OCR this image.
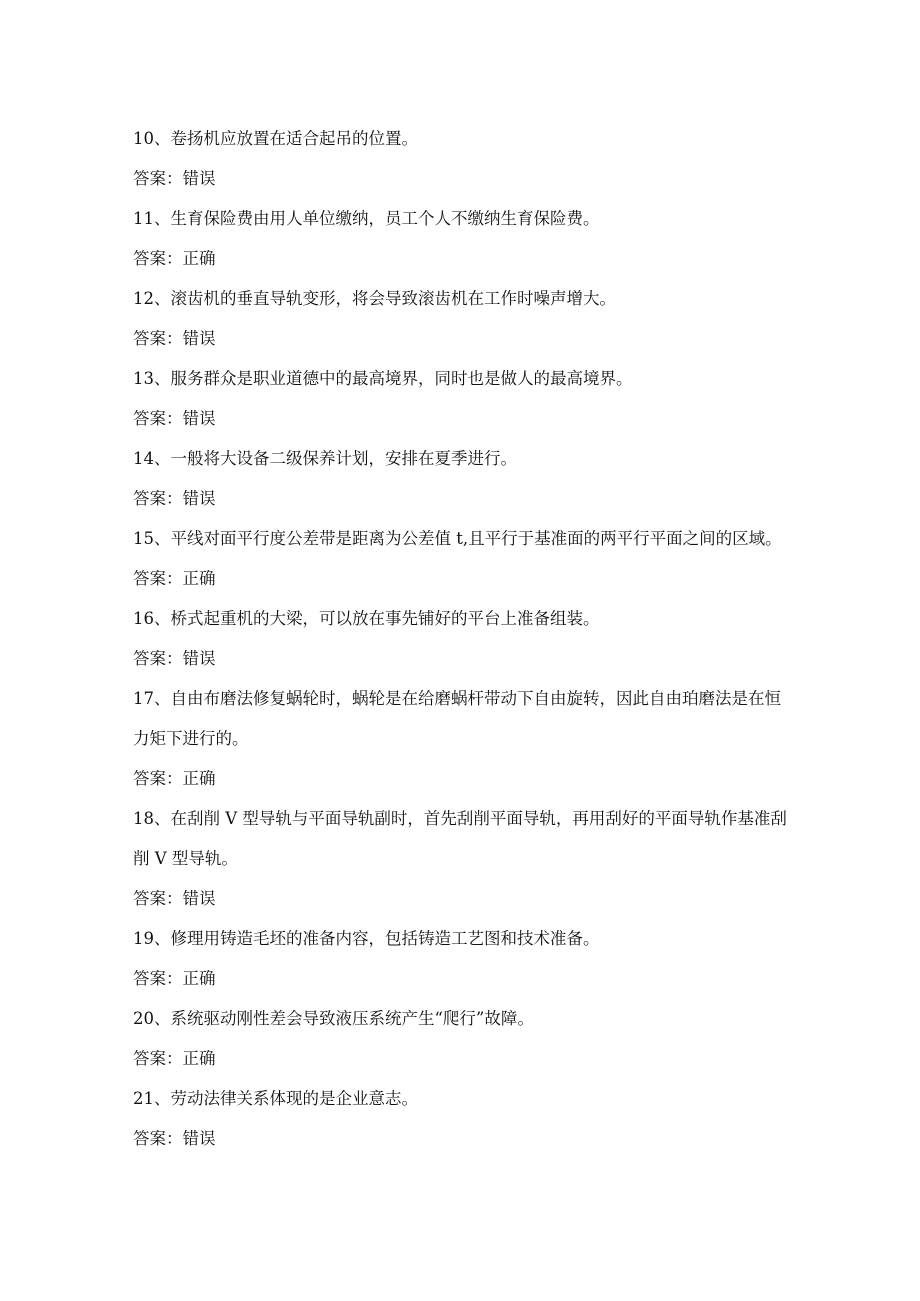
10、卷扬机应放置在适合起吊的位置。

答案：错误

11、生育保险费由用人单位缴纳，员工个人不缴纳生育保险费。

答案：正确

12、滚齿机的垂直导轨变形，将会导致滚齿机在工作时噪声增大。

答案：错误

13、服务群众是职业道德中的最高境界，同时也是做人的最高境界。

答案：错误

14、一般将大设备二级保养计划，安排在夏季进行。

答案：错误

15、平线对面平行度公差带是距离为公差值 t,且平行于基准面的两平行平面之间的区域。

答案：正确

16、桥式起重机的大梁，可以放在事先铺好的平台上准备组装。

答案：错误

17、自由布磨法修复蜗轮时，蜗轮是在给磨蜗杆带动下自由旋转，因此自由珀磨法是在恒力矩下进行的。

答案：正确

18、在刮削 V 型导轨与平面导轨副时，首先刮削平面导轨，再用刮好的平面导轨作基准刮削 V 型导轨。

答案：错误

19、修理用铸造毛坯的准备内容，包括铸造工艺图和技术准备。

答案：正确

20、系统驱动刚性差会导致液压系统产生“爬行”故障。

答案：正确

21、劳动法律关系体现的是企业意志。

答案：错误
